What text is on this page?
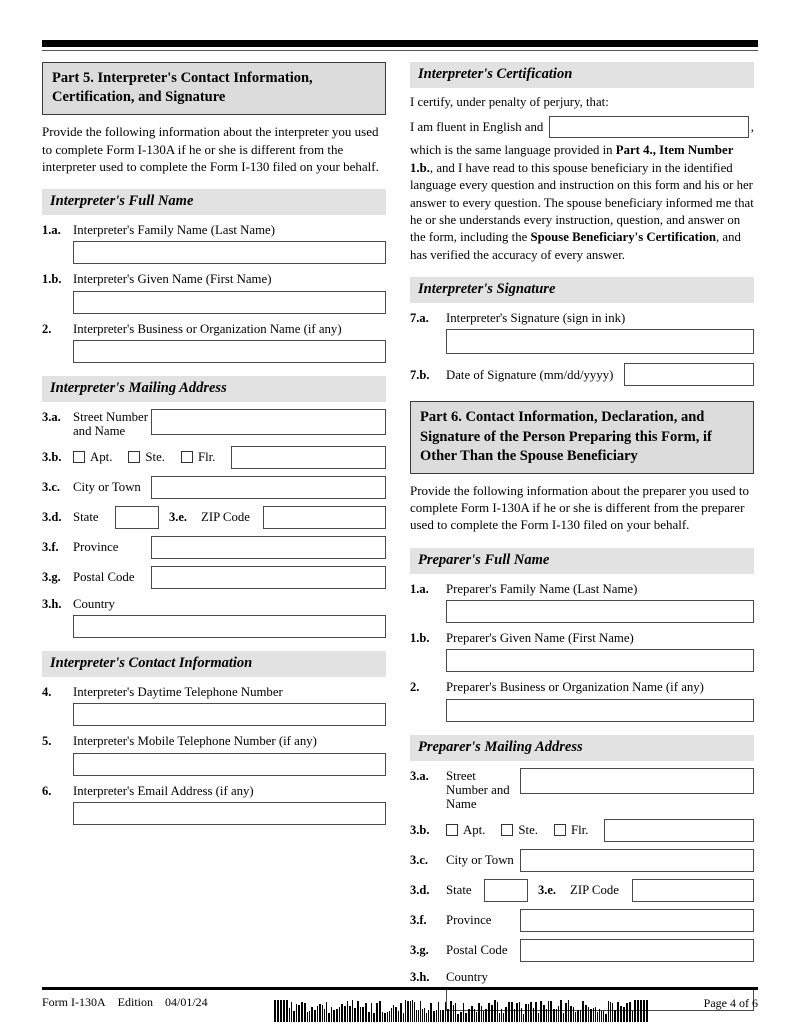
Part 5. Interpreter's Contact Information, Certification, and Signature
Provide the following information about the interpreter you used to complete Form I-130A if he or she is different from the interpreter used to complete the Form I-130 filed on your behalf.
Interpreter's Full Name
1.a. Interpreter's Family Name (Last Name)
1.b. Interpreter's Given Name (First Name)
2.	Interpreter's Business or Organization Name (if any)
Interpreter's Mailing Address
3.a. Street Number and Name
3.b.	Apt.	Ste.	Flr.
3.c.	City or Town
3.d. State	3.e.	ZIP Code
3.f.	Province
3.g. Postal Code
3.h. Country
Interpreter's Contact Information
4.	Interpreter's Daytime Telephone Number
5.	Interpreter's Mobile Telephone Number (if any)
6.	Interpreter's Email Address (if any)
Interpreter's Certification
I certify, under penalty of perjury, that:
I am fluent in English and	,
which is the same language provided in Part 4., Item Number 1.b., and I have read to this spouse beneficiary in the identified language every question and instruction on this form and his or her answer to every question. The spouse beneficiary informed me that he or she understands every instruction, question, and answer on the form, including the Spouse Beneficiary's Certification, and has verified the accuracy of every answer.
Interpreter's Signature
7.a.	Interpreter's Signature (sign in ink)
7.b.	Date of Signature (mm/dd/yyyy)
Part 6. Contact Information, Declaration, and Signature of the Person Preparing this Form, if Other Than the Spouse Beneficiary
Provide the following information about the preparer you used to complete Form I-130A if he or she is different from the preparer used to complete the Form I-130 filed on your behalf.
Preparer's Full Name
1.a.	Preparer's Family Name (Last Name)
1.b.	Preparer's Given Name (First Name)
2.	Preparer's Business or Organization Name (if any)
Preparer's Mailing Address
3.a.	Street Number and Name
3.b.	Apt.	Ste.	Flr.
3.c.	City or Town
3.d.	State	3.e.	ZIP Code
3.f.	Province
3.g.	Postal Code
3.h.	Country
Form I-130A Edition 04/01/24	Page 4 of 6
